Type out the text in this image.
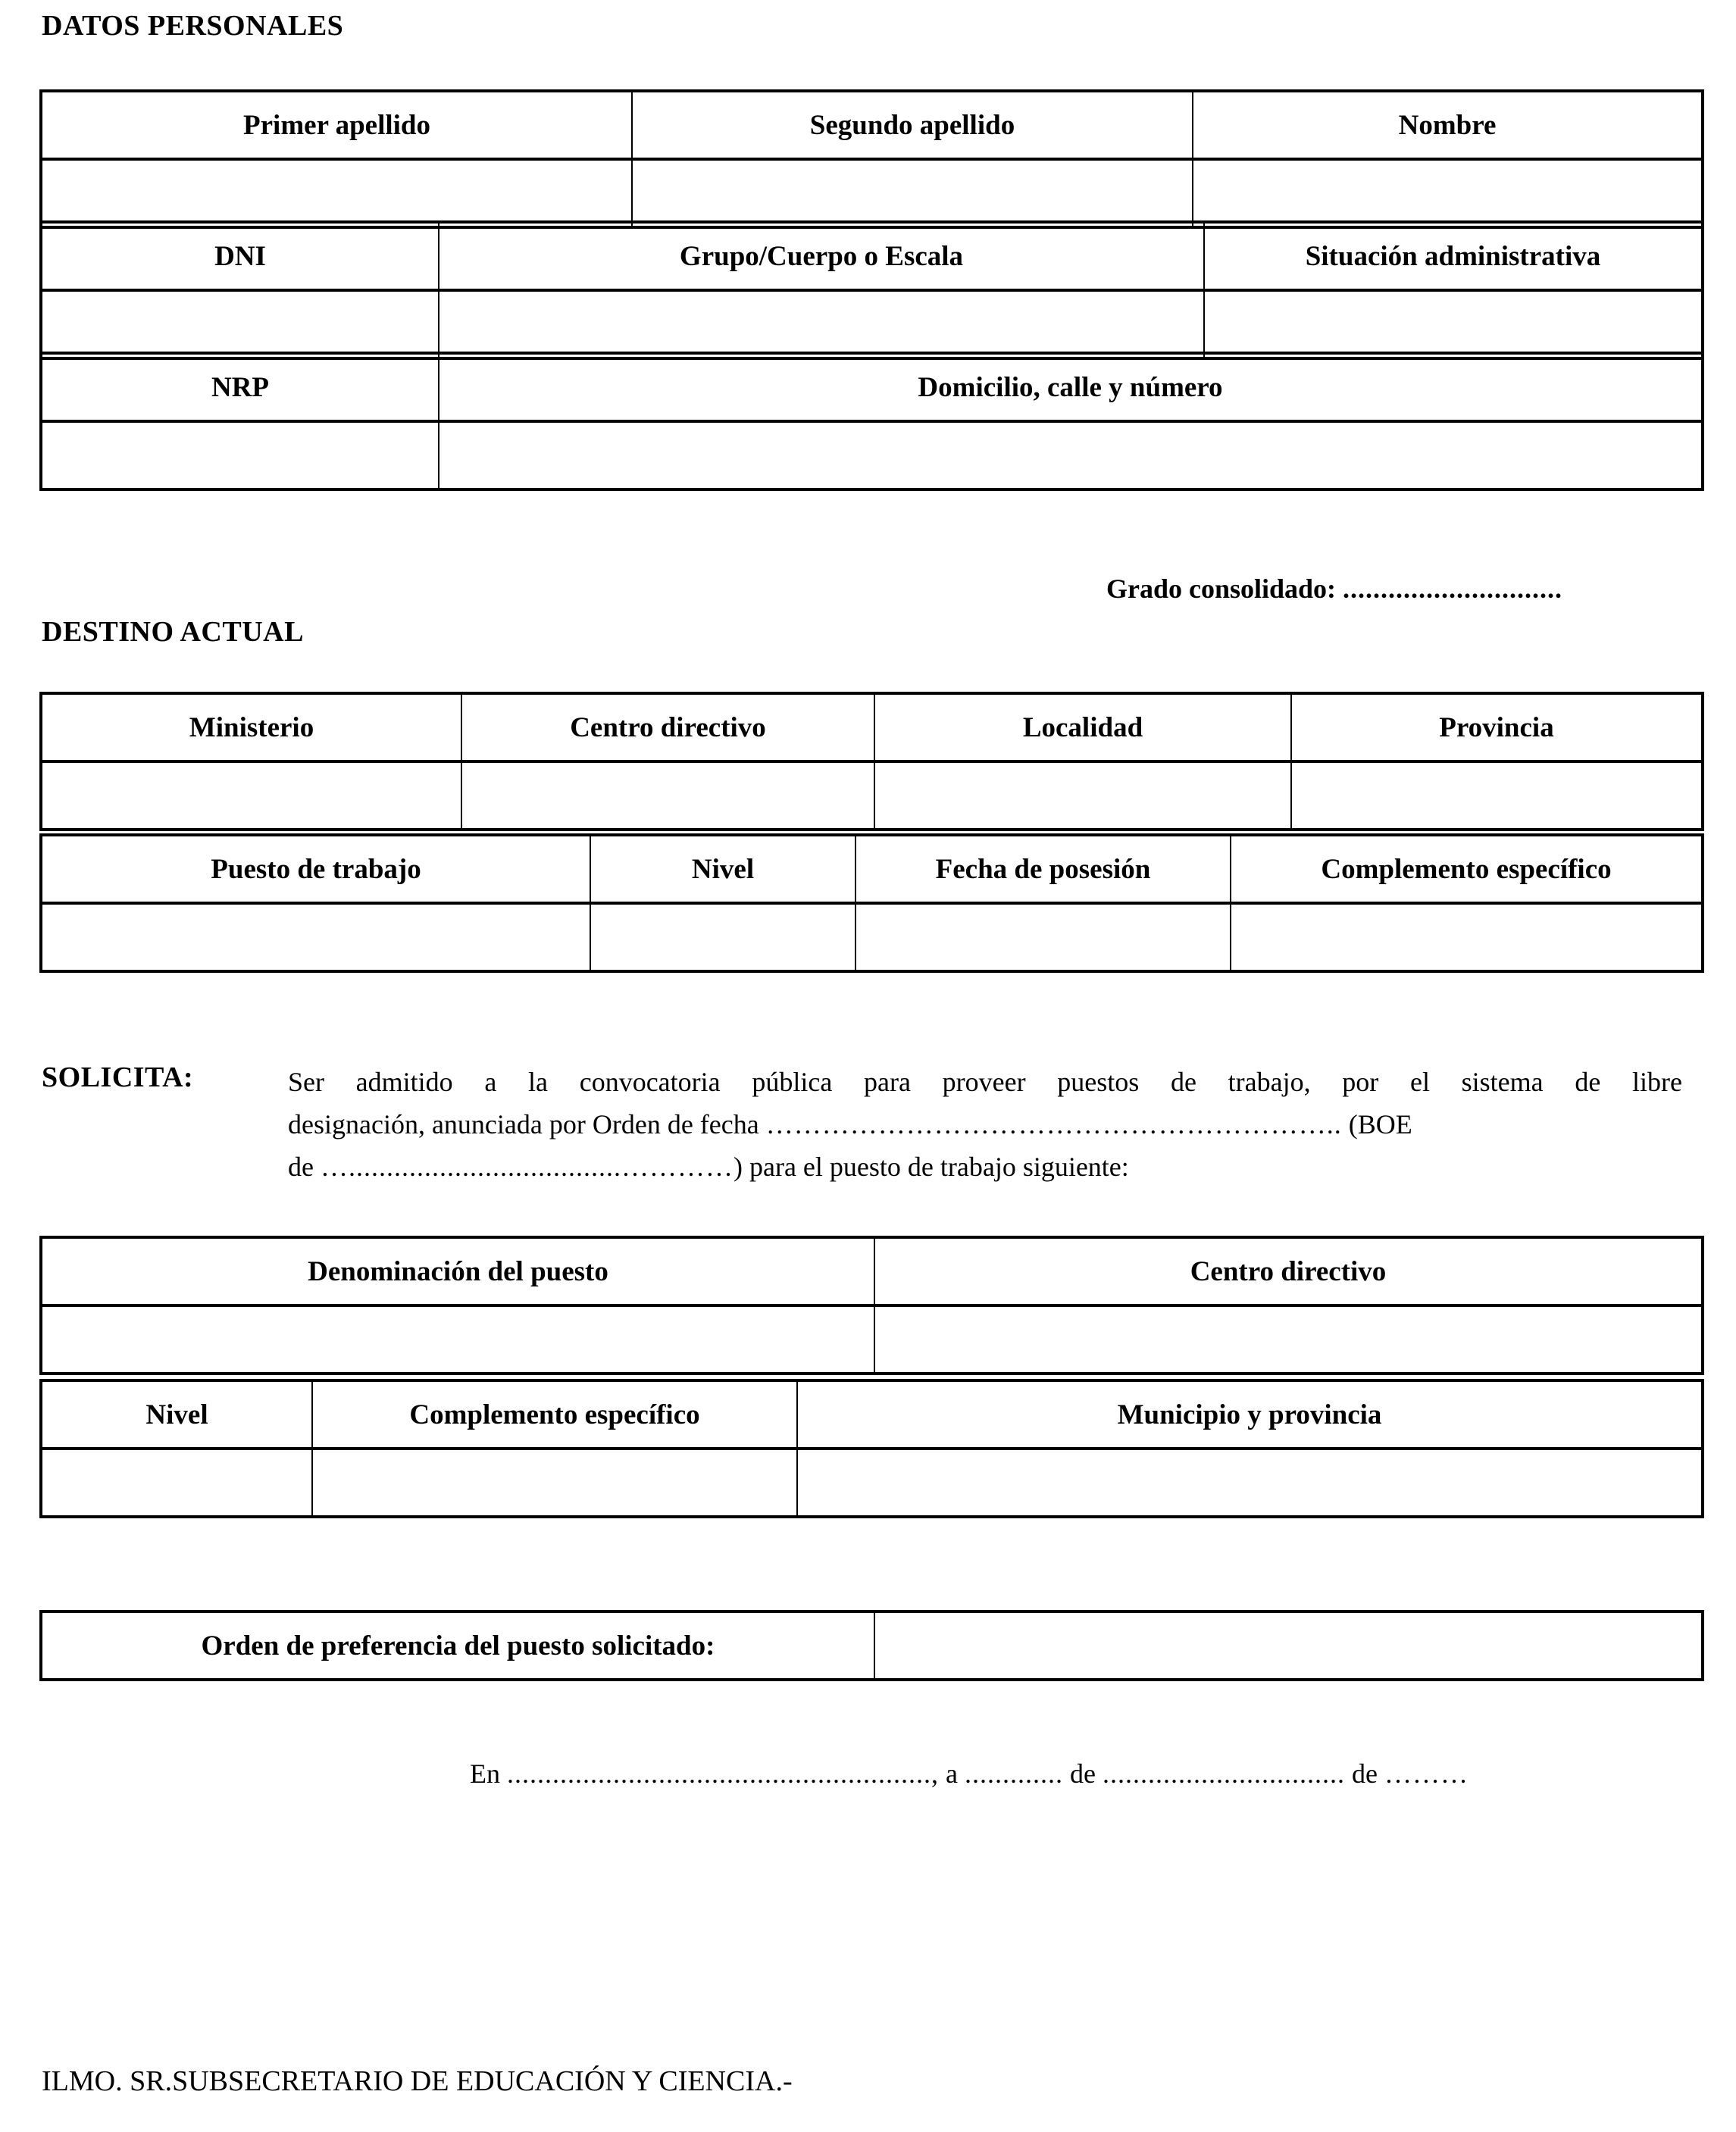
DATOS PERSONALES
Primer apellido	Segundo apellido	Nombre

DNI	Grupo/Cuerpo o Escala	Situación administrativa

NRP	Domicilio, calle y número

Grado consolidado: .............................
DESTINO ACTUAL
Ministerio	Centro directivo	Localidad	Provincia

Puesto de trabajo	Nivel	Fecha de posesión	Complemento específico

SOLICITA:	Ser admitido a la convocatoria pública para proveer puestos de trabajo, por el sistema de libre
designación, anunciada por Orden de fecha …………………………………………………….. (BOE
de …....................................…………) para el puesto de trabajo siguiente:
Denominación del puesto	Centro directivo

Nivel	Complemento específico	Municipio y provincia

Orden de preferencia del puesto solicitado:	
En ........................................................, a ............. de ................................ de ………
ILMO. SR.SUBSECRETARIO DE EDUCACIÓN Y CIENCIA.-
